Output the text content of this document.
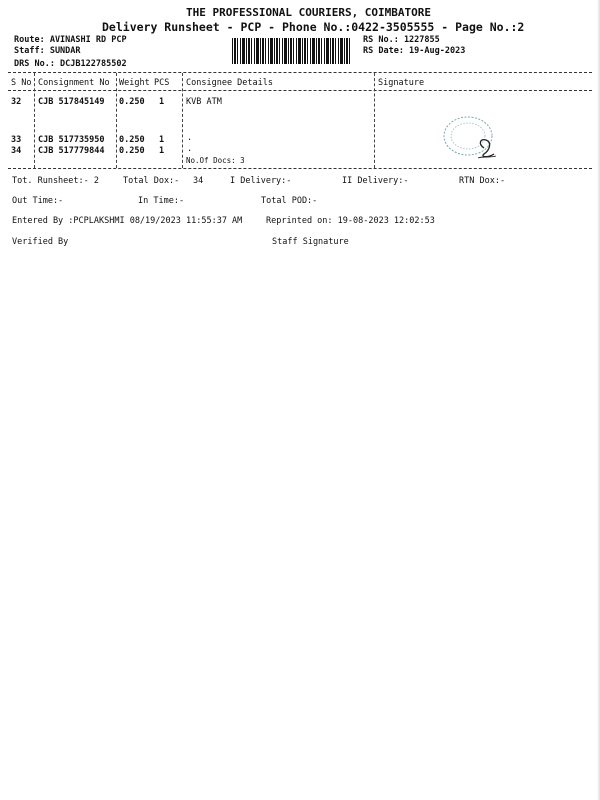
THE PROFESSIONAL COURIERS, COIMBATORE
Delivery Runsheet - PCP - Phone No.:0422-3505555 - Page No.:2
Route: AVINASHI RD PCP
Staff: SUNDAR
DRS No.: DCJB122785502
RS No.: 1227855
RS Date: 19-Aug-2023
S No Consignment No Weight PCS Consignee Details	Signature
32 CJB 517845149 0.250 1	KVB ATM
33 CJB 517735950 0.250 1	.
34 CJB 517779844 0.250 1	.
No.Of Docs: 3
Tot. Runsheet:- 2	Total Dox:- 34	I Delivery:-	II Delivery:-	RTN Dox:-
Out Time:-	In Time:-	Total POD:-
Entered By :PCPLAKSHMI 08/19/2023 11:55:37 AM	Reprinted on: 19-08-2023 12:02:53
Verified By	Staff Signature
